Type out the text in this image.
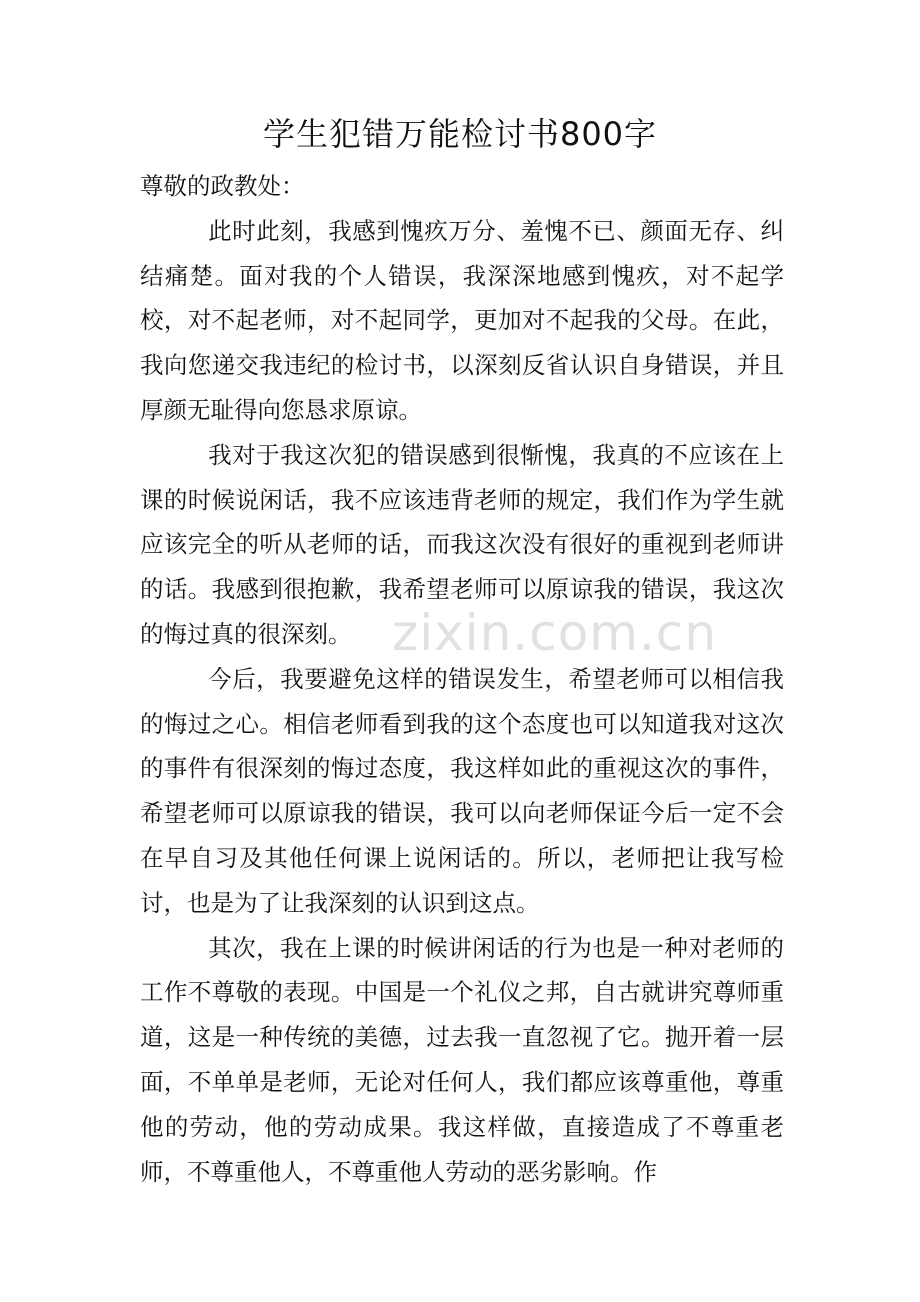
学生犯错万能检讨书800字

尊敬的政教处：

此时此刻，我感到愧疚万分、羞愧不已、颜面无存、纠结痛楚。面对我的个人错误，我深深地感到愧疚，对不起学校，对不起老师，对不起同学，更加对不起我的父母。在此，我向您递交我违纪的检讨书，以深刻反省认识自身错误，并且厚颜无耻得向您恳求原谅。

我对于我这次犯的错误感到很惭愧，我真的不应该在上课的时候说闲话，我不应该违背老师的规定，我们作为学生就应该完全的听从老师的话，而我这次没有很好的重视到老师讲的话。我感到很抱歉，我希望老师可以原谅我的错误，我这次的悔过真的很深刻。

今后，我要避免这样的错误发生，希望老师可以相信我的悔过之心。相信老师看到我的这个态度也可以知道我对这次的事件有很深刻的悔过态度，我这样如此的重视这次的事件，希望老师可以原谅我的错误，我可以向老师保证今后一定不会在早自习及其他任何课上说闲话的。所以，老师把让我写检讨，也是为了让我深刻的认识到这点。

其次，我在上课的时候讲闲话的行为也是一种对老师的工作不尊敬的表现。中国是一个礼仪之邦，自古就讲究尊师重道，这是一种传统的美德，过去我一直忽视了它。抛开着一层面，不单单是老师，无论对任何人，我们都应该尊重他，尊重他的劳动，他的劳动成果。我这样做，直接造成了不尊重老师，不尊重他人，不尊重他人劳动的恶劣影响。作

zixin.com.cn
